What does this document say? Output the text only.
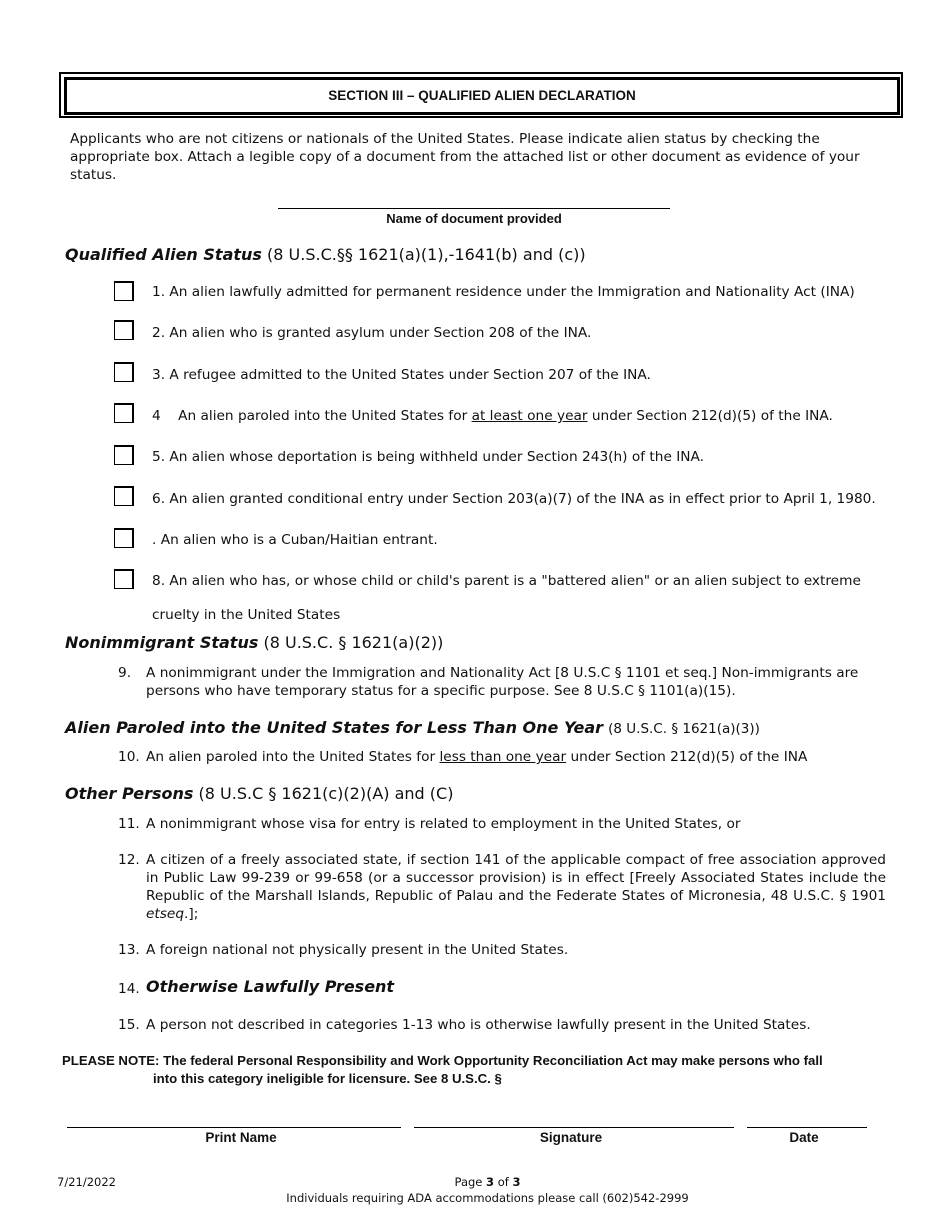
SECTION III – QUALIFIED ALIEN DECLARATION
Applicants who are not citizens or nationals of the United States. Please indicate alien status by checking the appropriate box. Attach a legible copy of a document from the attached list or other document as evidence of your status.
Name of document provided
Qualified Alien Status (8 U.S.C.§§ 1621(a)(1),-1641(b) and (c))
1. An alien lawfully admitted for permanent residence under the Immigration and Nationality Act (INA)
2. An alien who is granted asylum under Section 208 of the INA.
3. A refugee admitted to the United States under Section 207 of the INA.
4    An alien paroled into the United States for at least one year under Section 212(d)(5) of the INA.
5. An alien whose deportation is being withheld under Section 243(h) of the INA.
6. An alien granted conditional entry under Section 203(a)(7) of the INA as in effect prior to April 1, 1980.
. An alien who is a Cuban/Haitian entrant.
8. An alien who has, or whose child or child's parent is a "battered alien" or an alien subject to extreme
cruelty in the United States
Nonimmigrant Status (8 U.S.C. § 1621(a)(2))
9. A nonimmigrant under the Immigration and Nationality Act [8 U.S.C § 1101 et seq.] Non-immigrants are persons who have temporary status for a specific purpose. See 8 U.S.C § 1101(a)(15).
Alien Paroled into the United States for Less Than One Year (8 U.S.C. § 1621(a)(3))
10. An alien paroled into the United States for less than one year under Section 212(d)(5) of the INA
Other Persons (8 U.S.C § 1621(c)(2)(A) and (C)
11. A nonimmigrant whose visa for entry is related to employment in the United States, or
12. A citizen of a freely associated state, if section 141 of the applicable compact of free association approved in Public Law 99-239 or 99-658 (or a successor provision) is in effect [Freely Associated States include the Republic of the Marshall Islands, Republic of Palau and the Federate States of Micronesia, 48 U.S.C. § 1901 etseq.];
13. A foreign national not physically present in the United States.
14. Otherwise Lawfully Present
15. A person not described in categories 1-13 who is otherwise lawfully present in the United States.
PLEASE NOTE: The federal Personal Responsibility and Work Opportunity Reconciliation Act may make persons who fall
into this category ineligible for licensure. See 8 U.S.C. §
Print Name	Signature	Date
7/21/2022	Page 3 of 3
Individuals requiring ADA accommodations please call (602)542-2999
